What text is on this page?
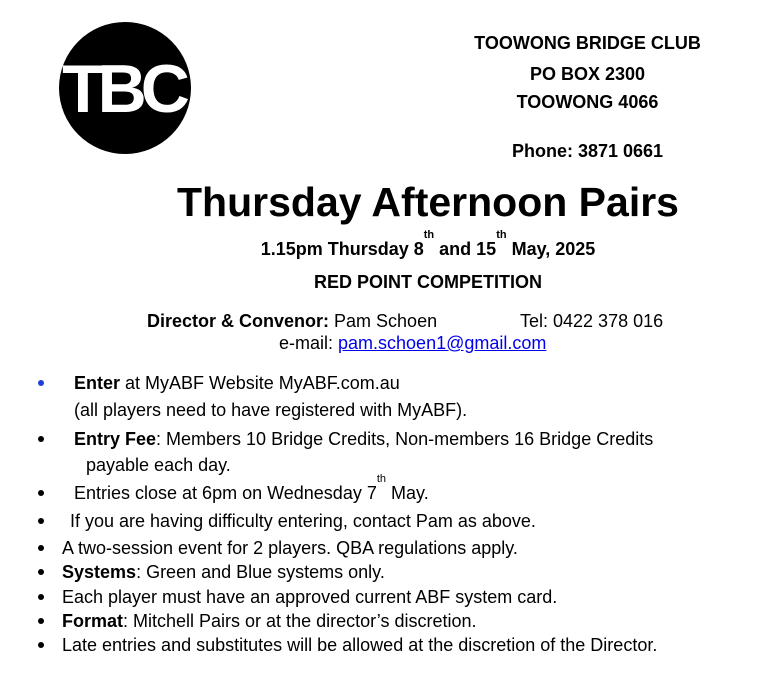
TBC
TOOWONG BRIDGE CLUB
PO BOX 2300
TOOWONG 4066
Phone: 3871 0661
Thursday Afternoon Pairs
1.15pm Thursday 8th and 15th May, 2025
RED POINT COMPETITION
Director & Convenor: Pam Schoen	Tel: 0422 378 016
e-mail: pam.schoen1@gmail.com
Enter at MyABF Website MyABF.com.au
(all players need to have registered with MyABF).
Entry Fee: Members 10 Bridge Credits, Non-members 16 Bridge Credits
payable each day.
Entries close at 6pm on Wednesday 7th May.
If you are having difficulty entering, contact Pam as above.
A two-session event for 2 players. QBA regulations apply.
Systems: Green and Blue systems only.
Each player must have an approved current ABF system card.
Format: Mitchell Pairs or at the director’s discretion.
Late entries and substitutes will be allowed at the discretion of the Director.
